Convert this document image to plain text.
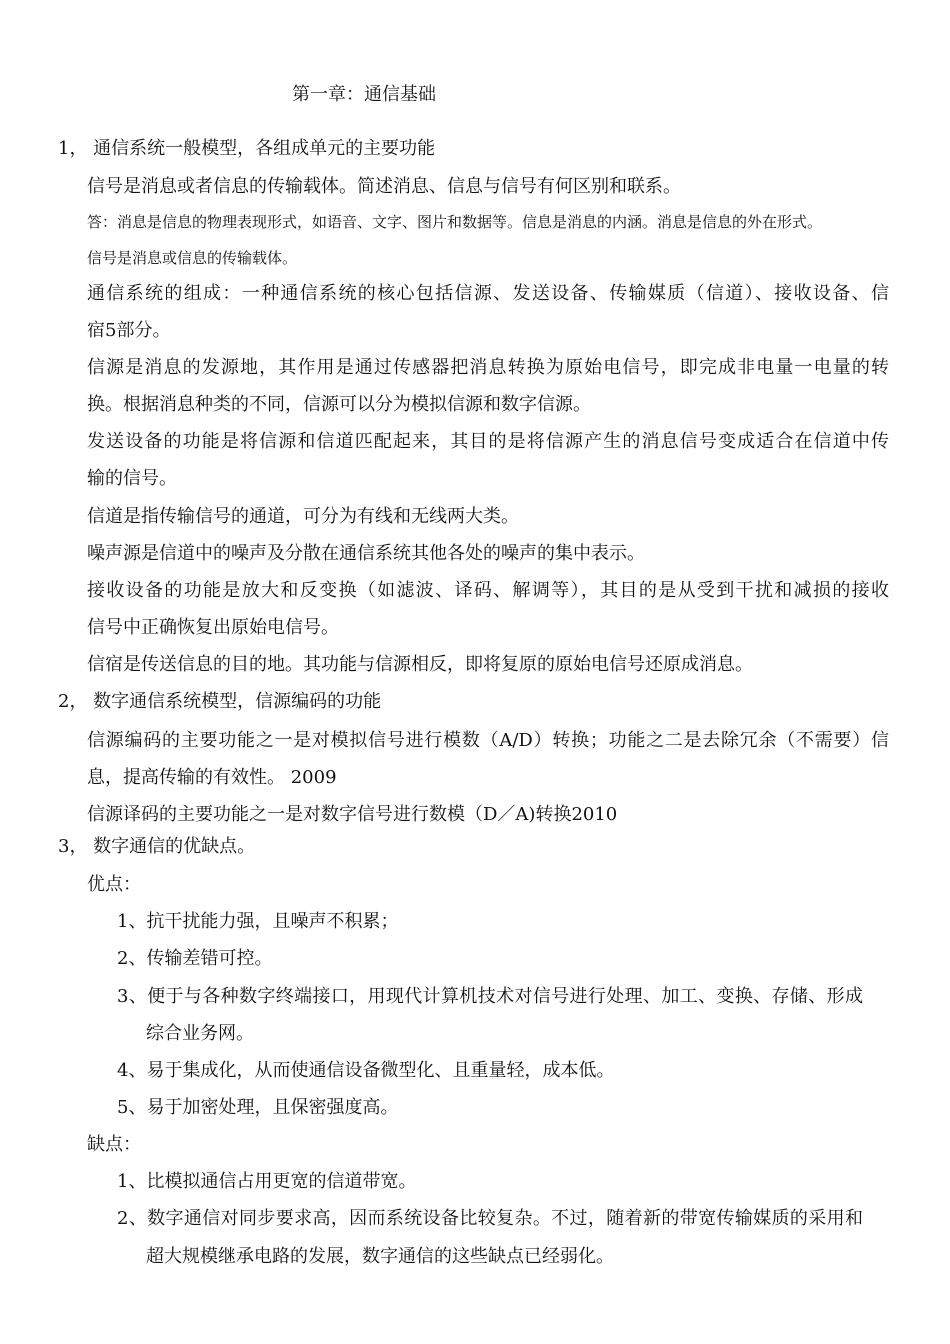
第一章：通信基础
1， 通信系统一般模型，各组成单元的主要功能
信号是消息或者信息的传输载体。简述消息、信息与信号有何区别和联系。
答：消息是信息的物理表现形式，如语音、文字、图片和数据等。信息是消息的内涵。消息是信息的外在形式。
信号是消息或信息的传输载体。
通信系统的组成：一种通信系统的核心包括信源、发送设备、传输媒质（信道）、接收设备、信
宿5部分。
信源是消息的发源地，其作用是通过传感器把消息转换为原始电信号，即完成非电量一电量的转
换。根据消息种类的不同，信源可以分为模拟信源和数字信源。
发送设备的功能是将信源和信道匹配起来，其目的是将信源产生的消息信号变成适合在信道中传
输的信号。
信道是指传输信号的通道，可分为有线和无线两大类。
噪声源是信道中的噪声及分散在通信系统其他各处的噪声的集中表示。
接收设备的功能是放大和反变换（如滤波、译码、解调等），其目的是从受到干扰和减损的接收
信号中正确恢复出原始电信号。
信宿是传送信息的目的地。其功能与信源相反，即将复原的原始电信号还原成消息。
2， 数字通信系统模型，信源编码的功能
信源编码的主要功能之一是对模拟信号进行模数（A/D）转换；功能之二是去除冗余（不需要）信
息，提高传输的有效性。 2009
信源译码的主要功能之一是对数字信号进行数模（D／A)转换2010
3， 数字通信的优缺点。
优点：
1、抗干扰能力强，且噪声不积累；
2、传输差错可控。
3、便于与各种数字终端接口，用现代计算机技术对信号进行处理、加工、变换、存储、形成
综合业务网。
4、易于集成化，从而使通信设备微型化、且重量轻，成本低。
5、易于加密处理，且保密强度高。
缺点：
1、比模拟通信占用更宽的信道带宽。
2、数字通信对同步要求高，因而系统设备比较复杂。不过，随着新的带宽传输媒质的采用和
超大规模继承电路的发展，数字通信的这些缺点已经弱化。
